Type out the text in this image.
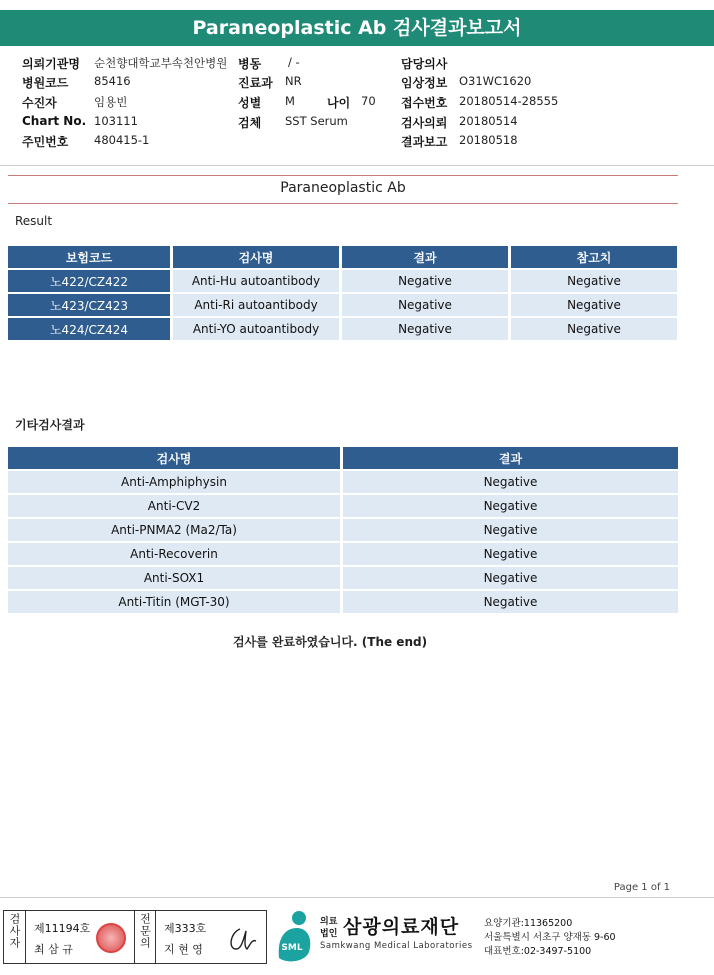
Paraneoplastic Ab 검사결과보고서
의뢰기관명 순천향대학교부속천안병원 병동 / -	담당의사
병원코드 85416	진료과 NR	임상정보 O31WC1620
수진자	임용빈	성별 M	나이 70 접수번호 20180514-28555
Chart No. 103111	검체 SST Serum	검사의뢰 20180514
주민번호 480415-1	결과보고 20180518
Paraneoplastic Ab
Result
보험코드	검사명	결과	참고치
노422/CZ422	Anti-Hu autoantibody	Negative	Negative
노423/CZ423	Anti-Ri autoantibody	Negative	Negative
노424/CZ424	Anti-YO autoantibody	Negative	Negative
기타검사결과
검사명	결과
Anti-Amphiphysin	Negative
Anti-CV2	Negative
Anti-PNMA2 (Ma2/Ta)	Negative
Anti-Recoverin	Negative
Anti-SOX1	Negative
Anti-Titin (MGT-30)	Negative
검사를 완료하였습니다. (The end)
Page 1 of 1
검사자	제11194호
최 삼 규
전문의	제333호
지 현 영	SML
의료
법인 삼광의료재단
Samkwang Medical Laboratories
요양기관:11365200
서울특별시 서초구 양재동 9-60
대표번호:02-3497-5100
